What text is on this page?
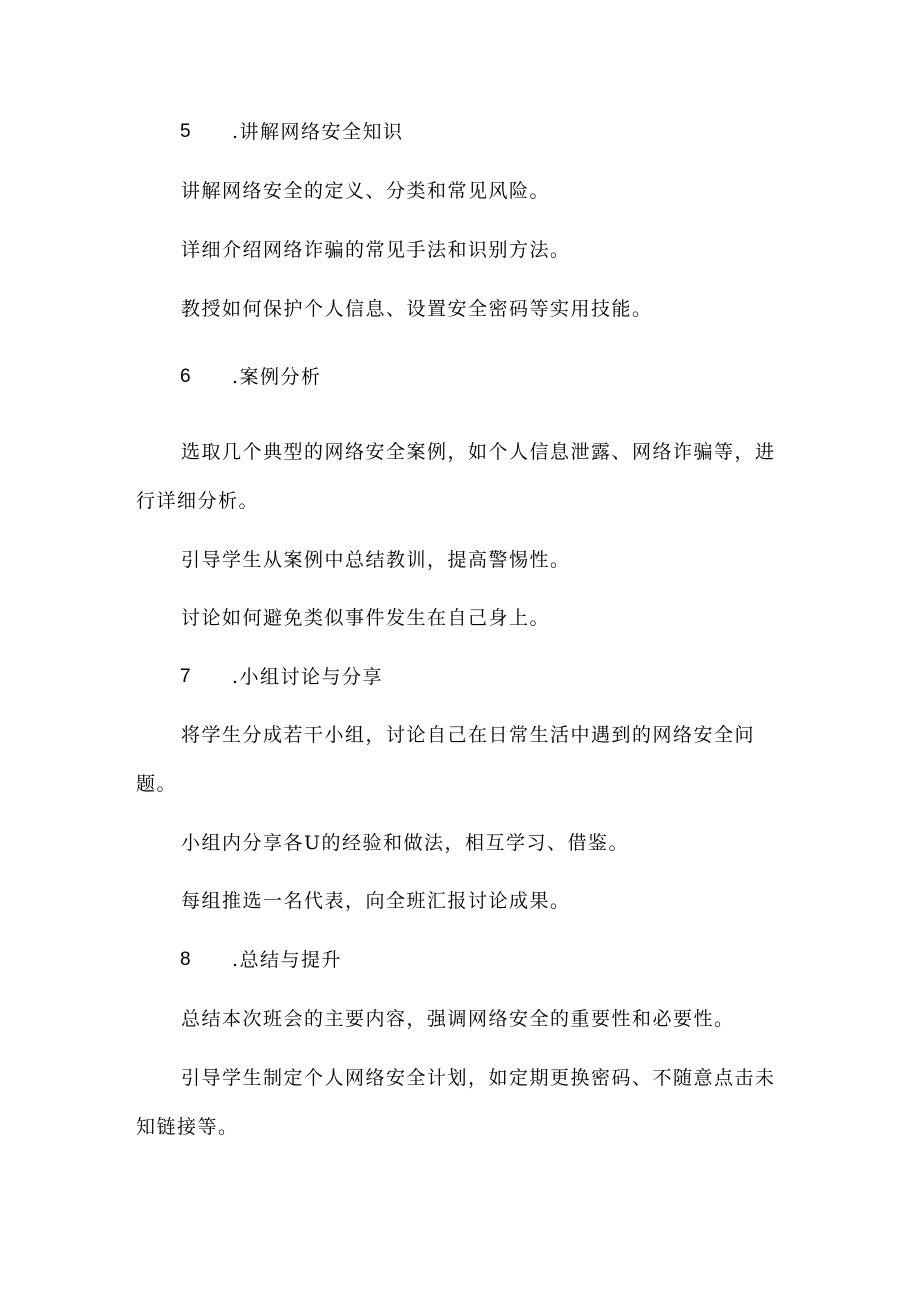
5	.讲解网络安全知识
讲解网络安全的定义、分类和常见风险。
详细介绍网络诈骗的常见手法和识别方法。
教授如何保护个人信息、设置安全密码等实用技能。
6	.案例分析
选取几个典型的网络安全案例，如个人信息泄露、网络诈骗等，进
行详细分析。
引导学生从案例中总结教训，提高警惕性。
讨论如何避免类似事件发生在自己身上。
7	.小组讨论与分享
将学生分成若干小组，讨论自己在日常生活中遇到的网络安全问
题。
小组内分享各U的经验和做法，相互学习、借鉴。
每组推选一名代表，向全班汇报讨论成果。
8	.总结与提升
总结本次班会的主要内容，强调网络安全的重要性和必要性。
引导学生制定个人网络安全计划，如定期更换密码、不随意点击未
知链接等。
